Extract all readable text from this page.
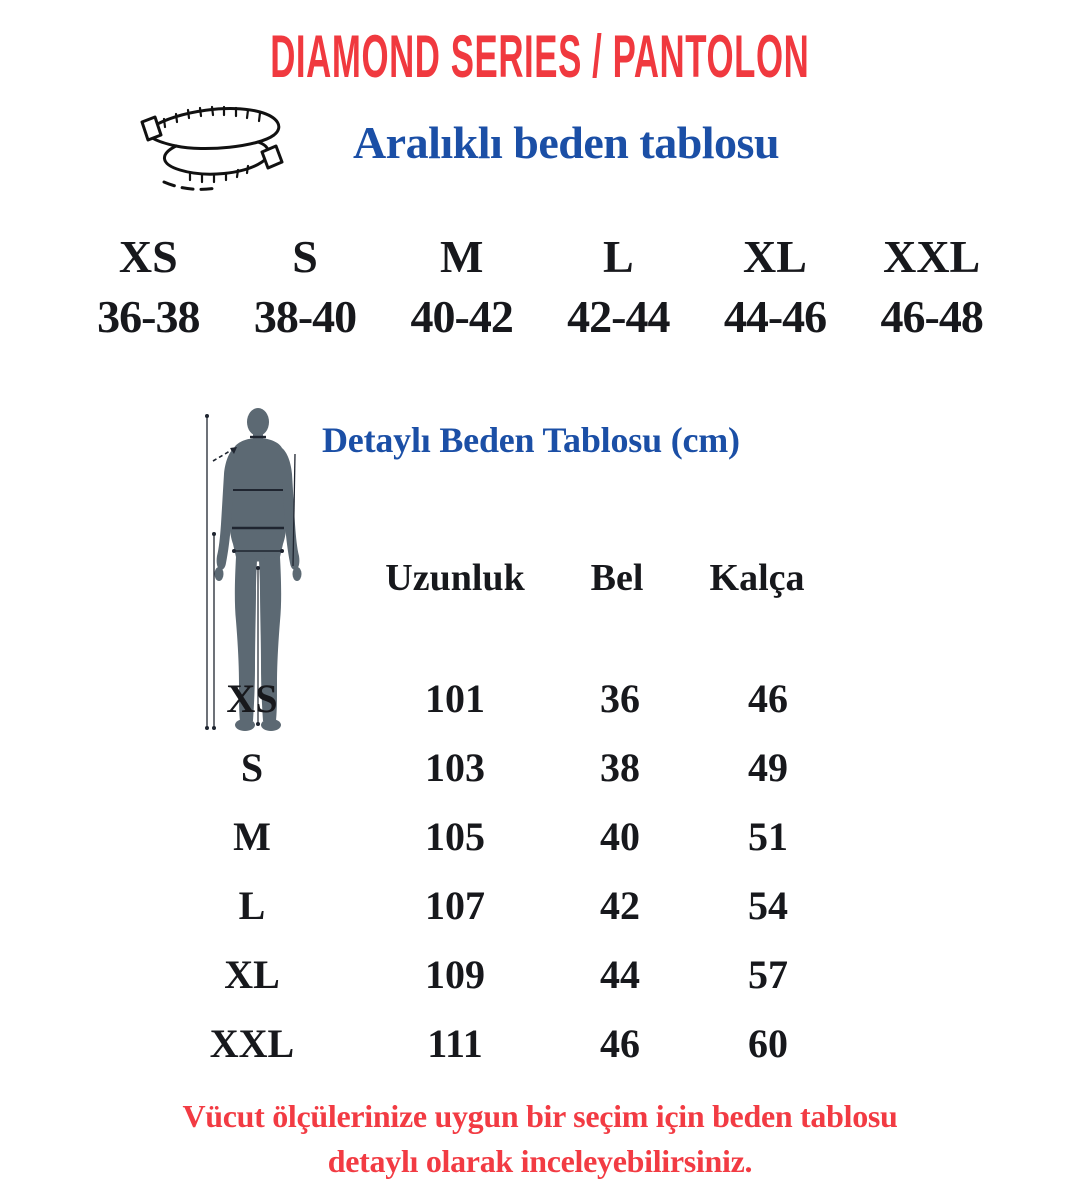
DIAMOND SERIES / PANTOLON
Aralıklı beden tablosu
XS
36-38
S
38-40
M
40-42
L
42-44
XL
44-46
XXL
46-48
Detaylı Beden Tablosu (cm)
Uzunluk Bel Kalça
XS
S
M
L
XL
XXL
101
103
105
107
109
111
36
38
40
42
44
46
46
49
51
54
57
60
Vücut ölçülerinize uygun bir seçim için beden tablosu
detaylı olarak inceleyebilirsiniz.
